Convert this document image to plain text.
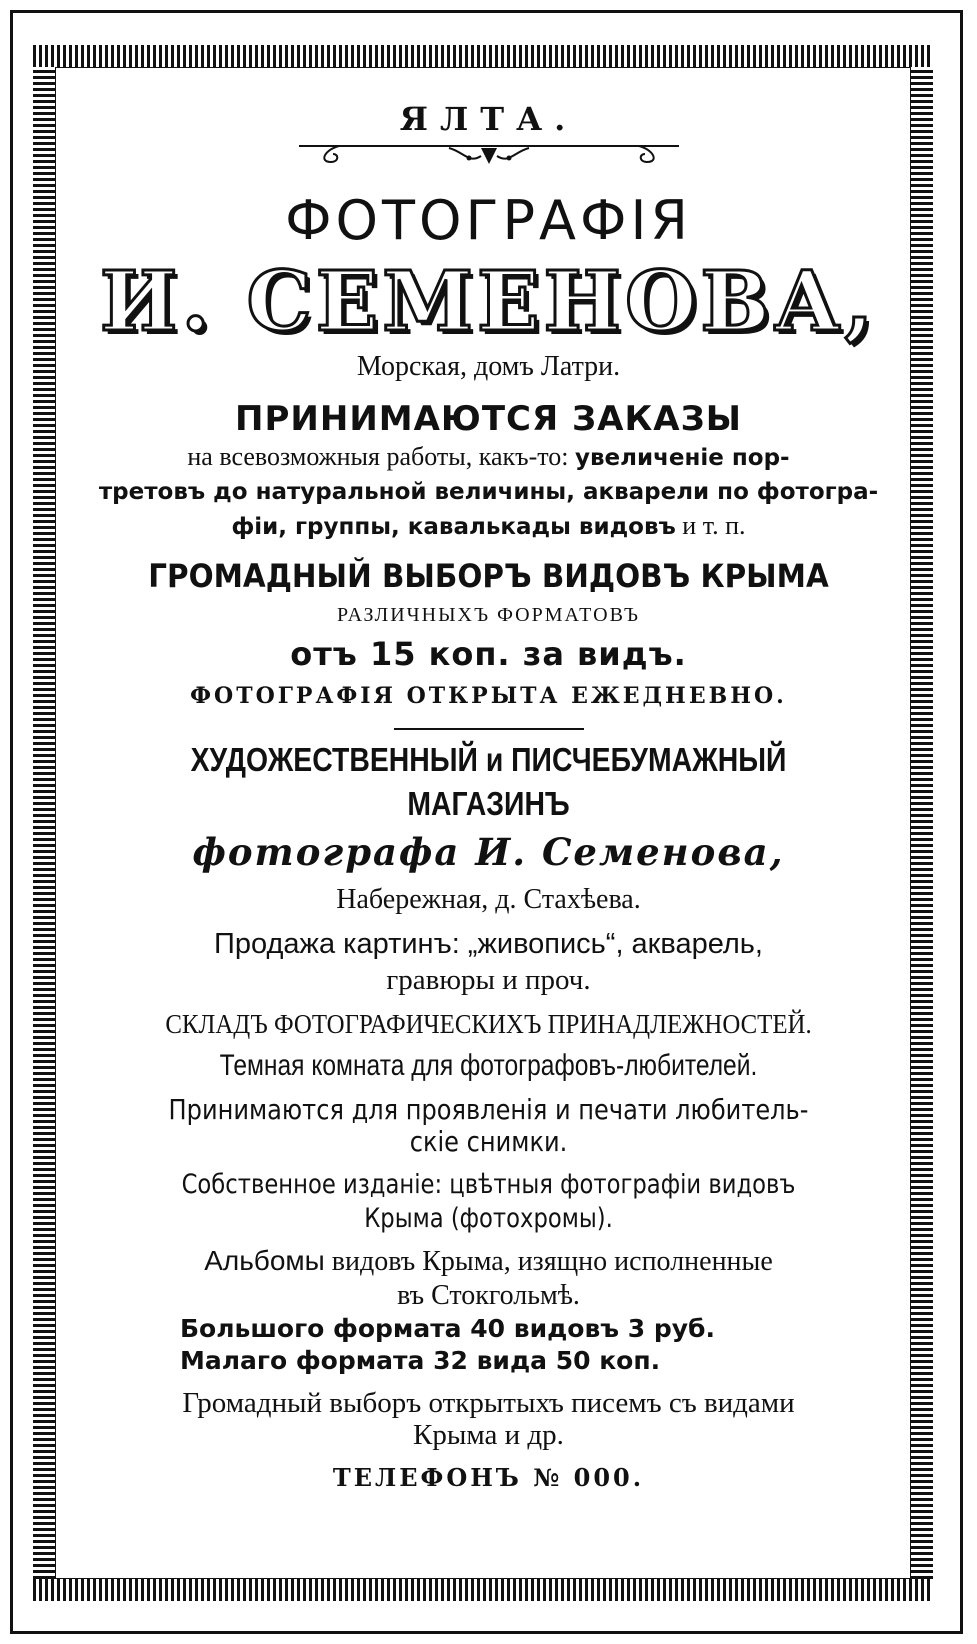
ЯЛТА.
ФОТОГРАФІЯ
И. СЕМЕНОВА,
Морская, домъ Латри.
ПРИНИМАЮТСЯ ЗАКАЗЫ
на всевозможныя работы, какъ-то: увеличеніе пор-
третовъ до натуральной величины, акварели по фотогра-
фіи, группы, кавалькады видовъ и т. п.
ГРОМАДНЫЙ ВЫБОРЪ ВИДОВЪ КРЫМА
РАЗЛИЧНЫХЪ ФОРМАТОВЪ
отъ 15 коп. за видъ.
ФОТОГРАФІЯ ОТКРЫТА ЕЖЕДНЕВНО.
ХУДОЖЕСТВЕННЫЙ и ПИСЧЕБУМАЖНЫЙ МАГАЗИНЪ
фотографа И. Семенова,
Набережная, д. Стахѣева.
Продажа картинъ: „живопись“, акварель,
гравюры и проч.
СКЛАДЪ ФОТОГРАФИЧЕСКИХЪ ПРИНАДЛЕЖНОСТЕЙ.
Темная комната для фотографовъ-любителей.
Принимаются для проявленія и печати любитель-
скіе снимки.
Собственное изданіе: цвѣтныя фотографіи видовъ
Крыма (фотохромы).
Альбомы видовъ Крыма, изящно исполненные
въ Стокгольмѣ.
Большого формата 40 видовъ 3 руб.
Малаго формата 32 вида 50 коп.
Громадный выборъ открытыхъ писемъ съ видами
Крыма и др.
ТЕЛЕФОНЪ № 000.
